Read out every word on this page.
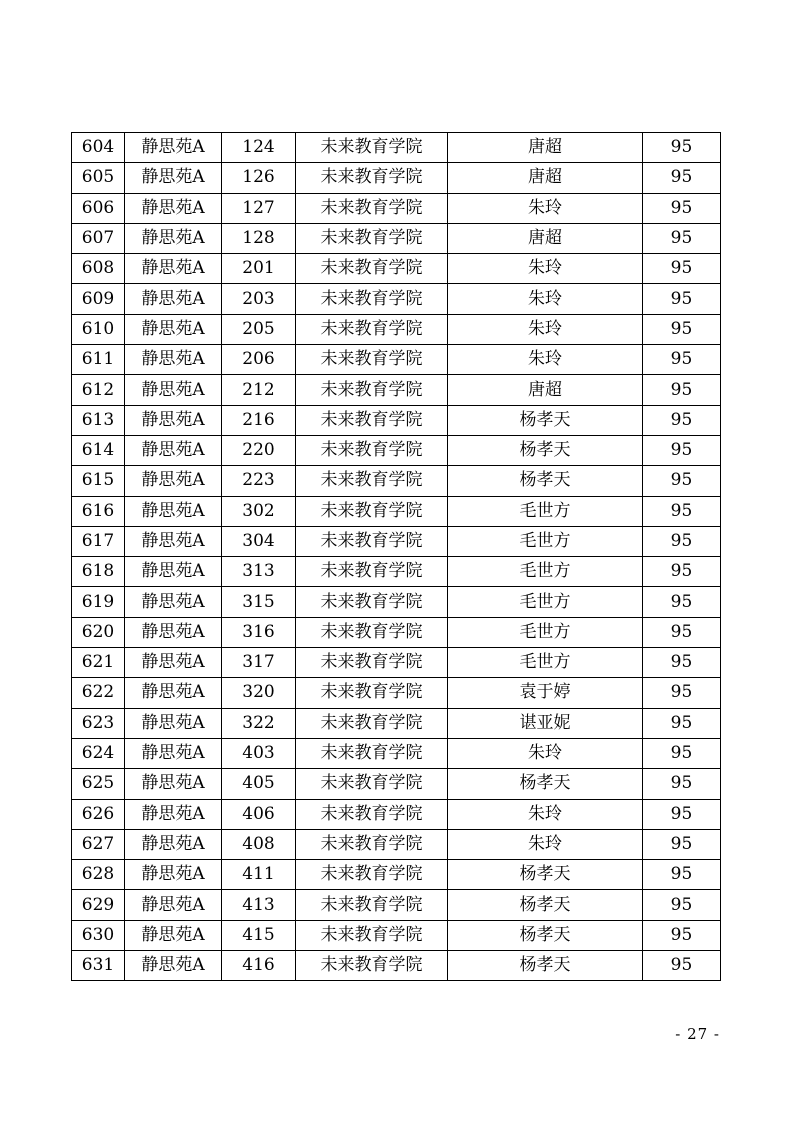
604	静思苑A	124	未来教育学院	唐超	95
605	静思苑A	126	未来教育学院	唐超	95
606	静思苑A	127	未来教育学院	朱玲	95
607	静思苑A	128	未来教育学院	唐超	95
608	静思苑A	201	未来教育学院	朱玲	95
609	静思苑A	203	未来教育学院	朱玲	95
610	静思苑A	205	未来教育学院	朱玲	95
611	静思苑A	206	未来教育学院	朱玲	95
612	静思苑A	212	未来教育学院	唐超	95
613	静思苑A	216	未来教育学院	杨孝天	95
614	静思苑A	220	未来教育学院	杨孝天	95
615	静思苑A	223	未来教育学院	杨孝天	95
616	静思苑A	302	未来教育学院	毛世方	95
617	静思苑A	304	未来教育学院	毛世方	95
618	静思苑A	313	未来教育学院	毛世方	95
619	静思苑A	315	未来教育学院	毛世方	95
620	静思苑A	316	未来教育学院	毛世方	95
621	静思苑A	317	未来教育学院	毛世方	95
622	静思苑A	320	未来教育学院	袁于婷	95
623	静思苑A	322	未来教育学院	谌亚妮	95
624	静思苑A	403	未来教育学院	朱玲	95
625	静思苑A	405	未来教育学院	杨孝天	95
626	静思苑A	406	未来教育学院	朱玲	95
627	静思苑A	408	未来教育学院	朱玲	95
628	静思苑A	411	未来教育学院	杨孝天	95
629	静思苑A	413	未来教育学院	杨孝天	95
630	静思苑A	415	未来教育学院	杨孝天	95
631	静思苑A	416	未来教育学院	杨孝天	95
- 27 -
